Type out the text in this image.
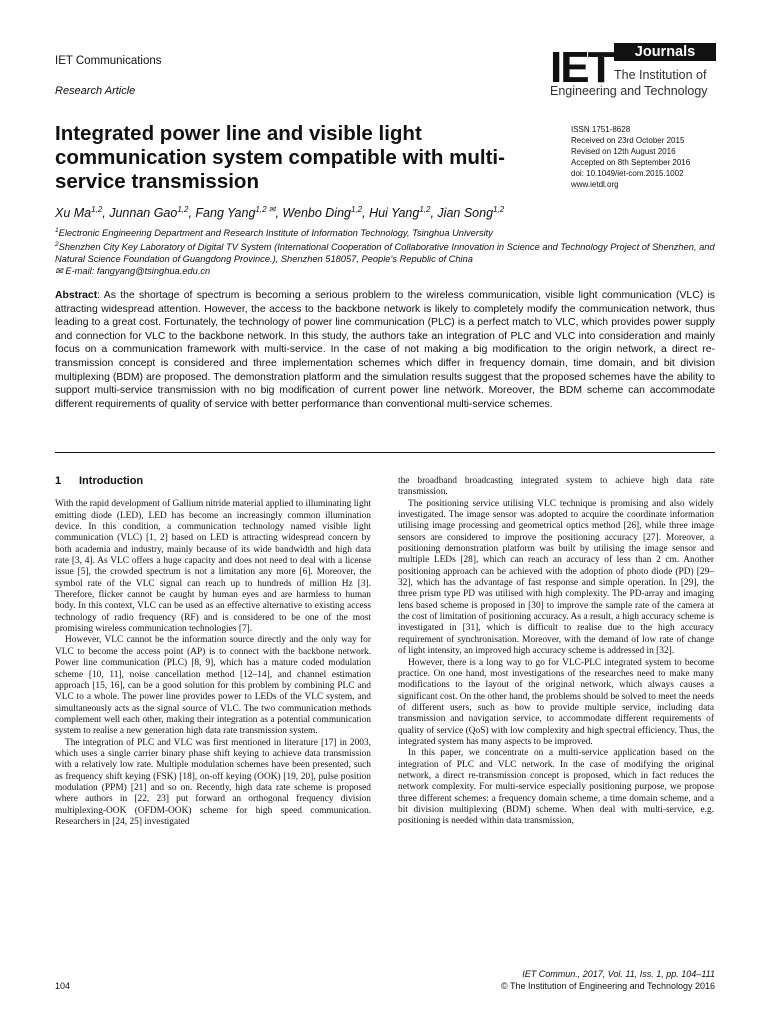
IET Communications
Research Article	IET	Journals
The Institution of
Engineering and Technology
Integrated power line and visible light communication system compatible with multi-service transmission
ISSN 1751-8628
Received on 23rd October 2015
Revised on 12th August 2016
Accepted on 8th September 2016
doi: 10.1049/iet-com.2015.1002
www.ietdl.org
Xu Ma$^{1,2}$, Junnan Gao$^{1,2}$, Fang Yang$^{1,2 ✉}$, Wenbo Ding$^{1,2}$, Hui Yang$^{1,2}$, Jian Song$^{1,2}$
$^1$Electronic Engineering Department and Research Institute of Information Technology, Tsinghua University
$^2$Shenzhen City Key Laboratory of Digital TV System (International Cooperation of Collaborative Innovation in Science and Technology Project of Shenzhen, and Natural Science Foundation of Guangdong Province.), Shenzhen 518057, People’s Republic of China
✉ E-mail: fangyang@tsinghua.edu.cn

Abstract: As the shortage of spectrum is becoming a serious problem to the wireless communication, visible light communication (VLC) is attracting widespread attention. However, the access to the backbone network is likely to completely modify the communication network, thus leading to a great cost. Fortunately, the technology of power line communication (PLC) is a perfect match to VLC, which provides power supply and connection for VLC to the backbone network. In this study, the authors take an integration of PLC and VLC into consideration and mainly focus on a communication framework with multi-service. In the case of not making a big modification to the origin network, a direct re-transmission concept is considered and three implementation schemes which differ in frequency domain, time domain, and bit division multiplexing (BDM) are proposed. The demonstration platform and the simulation results suggest that the proposed schemes have the ability to support multi-service transmission with no big modification of current power line network. Moreover, the BDM scheme can accommodate different requirements of quality of service with better performance than conventional multi-service schemes.

1 Introduction

With the rapid development of Gallium nitride material applied to illuminating light emitting diode (LED), LED has become an increasingly common illumination device. In this condition, a communication technology named visible light communication (VLC) [1, 2] based on LED is attracting widespread concern by both academia and industry, mainly because of its wide bandwidth and high data rate [3, 4]. As VLC offers a huge capacity and does not need to deal with a license issue [5], the crowded spectrum is not a limitation any more [6]. Moreover, the symbol rate of the VLC signal can reach up to hundreds of million Hz [3]. Therefore, flicker cannot be caught by human eyes and are harmless to human body. In this context, VLC can be used as an effective alternative to existing access technology of radio frequency (RF) and is considered to be one of the most promising wireless communication technologies [7].

However, VLC cannot be the information source directly and the only way for VLC to become the access point (AP) is to connect with the backbone network. Power line communication (PLC) [8, 9], which has a mature coded modulation scheme [10, 11], noise cancellation method [12–14], and channel estimation approach [15, 16], can be a good solution for this problem by combining PLC and VLC to a whole. The power line provides power to LEDs of the VLC system, and simultaneously acts as the signal source of VLC. The two communication methods complement well each other, making their integration as a potential communication system to realise a new generation high data rate transmission system.

The integration of PLC and VLC was first mentioned in literature [17] in 2003, which uses a single carrier binary phase shift keying to achieve data transmission with a relatively low rate. Multiple modulation schemes have been presented, such as frequency shift keying (FSK) [18], on-off keying (OOK) [19, 20], pulse position modulation (PPM) [21] and so on. Recently, high data rate scheme is proposed where authors in [22, 23] put forward an orthogonal frequency division multiplexing-OOK (OFDM-OOK) scheme for high speed communication. Researchers in [24, 25] investigated

the broadband broadcasting integrated system to achieve high data rate transmission.

The positioning service utilising VLC technique is promising and also widely investigated. The image sensor was adopted to acquire the coordinate information utilising image processing and geometrical optics method [26], while three image sensors are considered to improve the positioning accuracy [27]. Moreover, a positioning demonstration platform was built by utilising the image sensor and multiple LEDs [28], which can reach an accuracy of less than 2 cm. Another positioning approach can be achieved with the adoption of photo diode (PD) [29–32], which has the advantage of fast response and simple operation. In [29], the three prism type PD was utilised with high complexity. The PD-array and imaging lens based scheme is proposed in [30] to improve the sample rate of the camera at the cost of limitation of positioning accuracy. As a result, a high accuracy scheme is investigated in [31], which is difficult to realise due to the high accuracy requirement of synchronisation. Moreover, with the demand of low rate of change of light intensity, an improved high accuracy scheme is addressed in [32].

However, there is a long way to go for VLC-PLC integrated system to become practice. On one hand, most investigations of the researches need to make many modifications to the layout of the original network, which always causes a significant cost. On the other hand, the problems should be solved to meet the needs of different users, such as how to provide multiple service, including data transmission and navigation service, to accommodate different requirements of quality of service (QoS) with low complexity and high spectral efficiency. Thus, the integrated system has many aspects to be improved.

In this paper, we concentrate on a multi-service application based on the integration of PLC and VLC network. In the case of modifying the original network, a direct re-transmission concept is proposed, which in fact reduces the network complexity. For multi-service especially positioning purpose, we propose three different schemes: a frequency domain scheme, a time domain scheme, and a bit division multiplexing (BDM) scheme. When deal with multi-service, e.g. positioning is needed within data transmission,

104
IET Commun., 2017, Vol. 11, Iss. 1, pp. 104–111
© The Institution of Engineering and Technology 2016
